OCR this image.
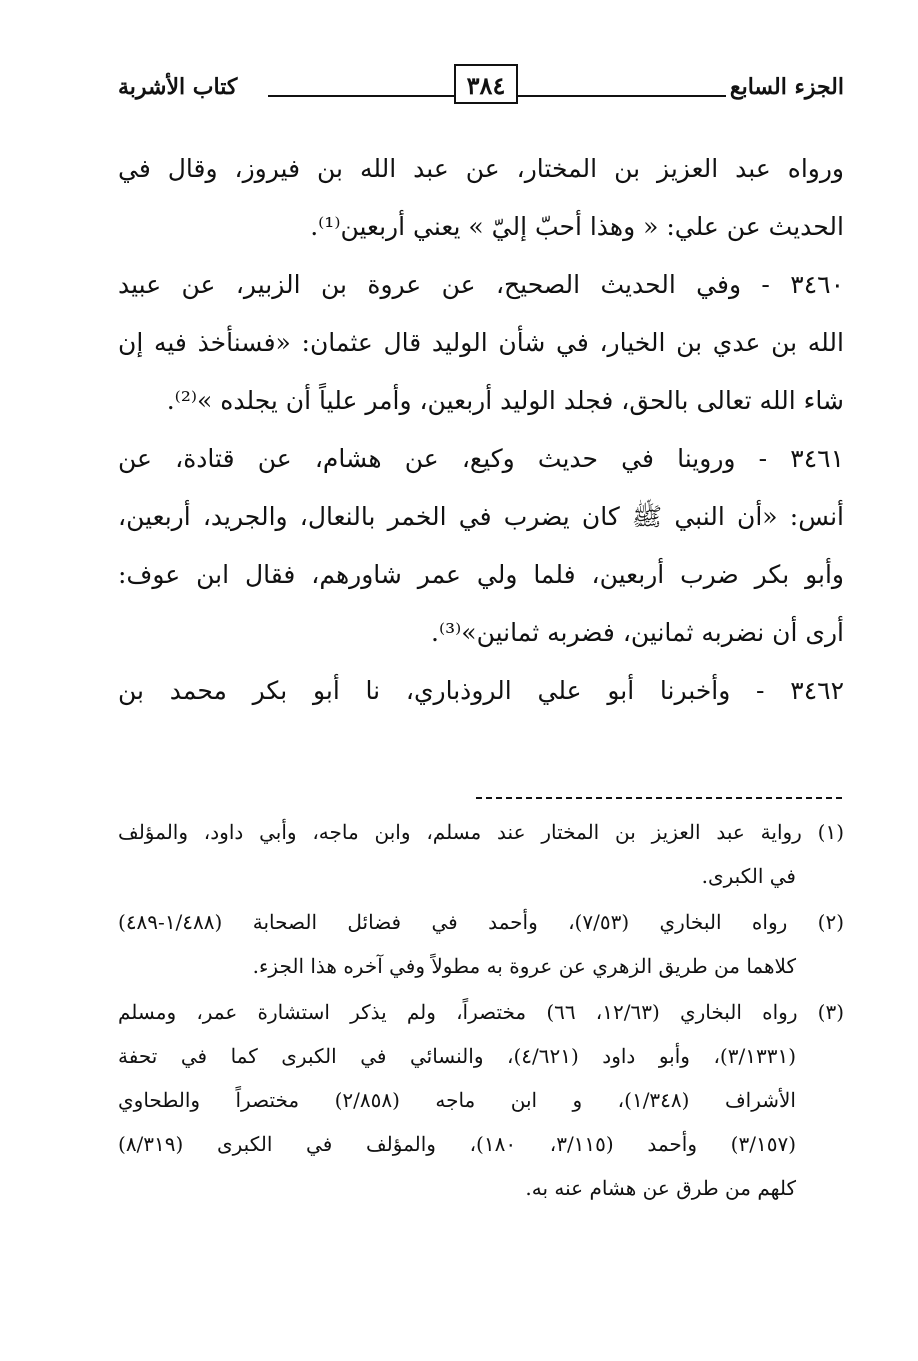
الجزء السابع
٣٨٤
كتاب الأشربة
ورواه عبد العزيز بن المختار، عن عبد الله بن فيروز، وقال في
الحديث عن علي: « وهذا أحبّ إليّ » يعني أربعين⁽¹⁾.
٣٤٦٠ - وفي الحديث الصحيح، عن عروة بن الزبير، عن عبيد
الله بن عدي بن الخيار، في شأن الوليد قال عثمان: «فسنأخذ فيه إن
شاء الله تعالى بالحق، فجلد الوليد أربعين، وأمر علياً أن يجلده »⁽²⁾.
٣٤٦١ - وروينا في حديث وكيع، عن هشام، عن قتادة، عن
أنس: «أن النبي ﷺ كان يضرب في الخمر بالنعال، والجريد، أربعين،
وأبو بكر ضرب أربعين، فلما ولي عمر شاورهم، فقال ابن عوف:
أرى أن نضربه ثمانين، فضربه ثمانين»⁽³⁾.
٣٤٦٢ - وأخبرنا أبو علي الروذباري، نا أبو بكر محمد بن
(١) رواية عبد العزيز بن المختار عند مسلم، وابن ماجه، وأبي داود، والمؤلف
في الكبرى.
(٢) رواه البخاري (٧/٥٣)، وأحمد في فضائل الصحابة (١/٤٨٨-٤٨٩)
كلاهما من طريق الزهري عن عروة به مطولاً وفي آخره هذا الجزء.
(٣) رواه البخاري (١٢/٦٣، ٦٦) مختصراً، ولم يذكر استشارة عمر، ومسلم
(٣/١٣٣١)، وأبو داود (٤/٦٢١)، والنسائي في الكبرى كما في تحفة
الأشراف (١/٣٤٨)، و ابن ماجه (٢/٨٥٨) مختصراً والطحاوي
(٣/١٥٧) وأحمد (٣/١١٥، ١٨٠)، والمؤلف في الكبرى (٨/٣١٩)
كلهم من طرق عن هشام عنه به.
